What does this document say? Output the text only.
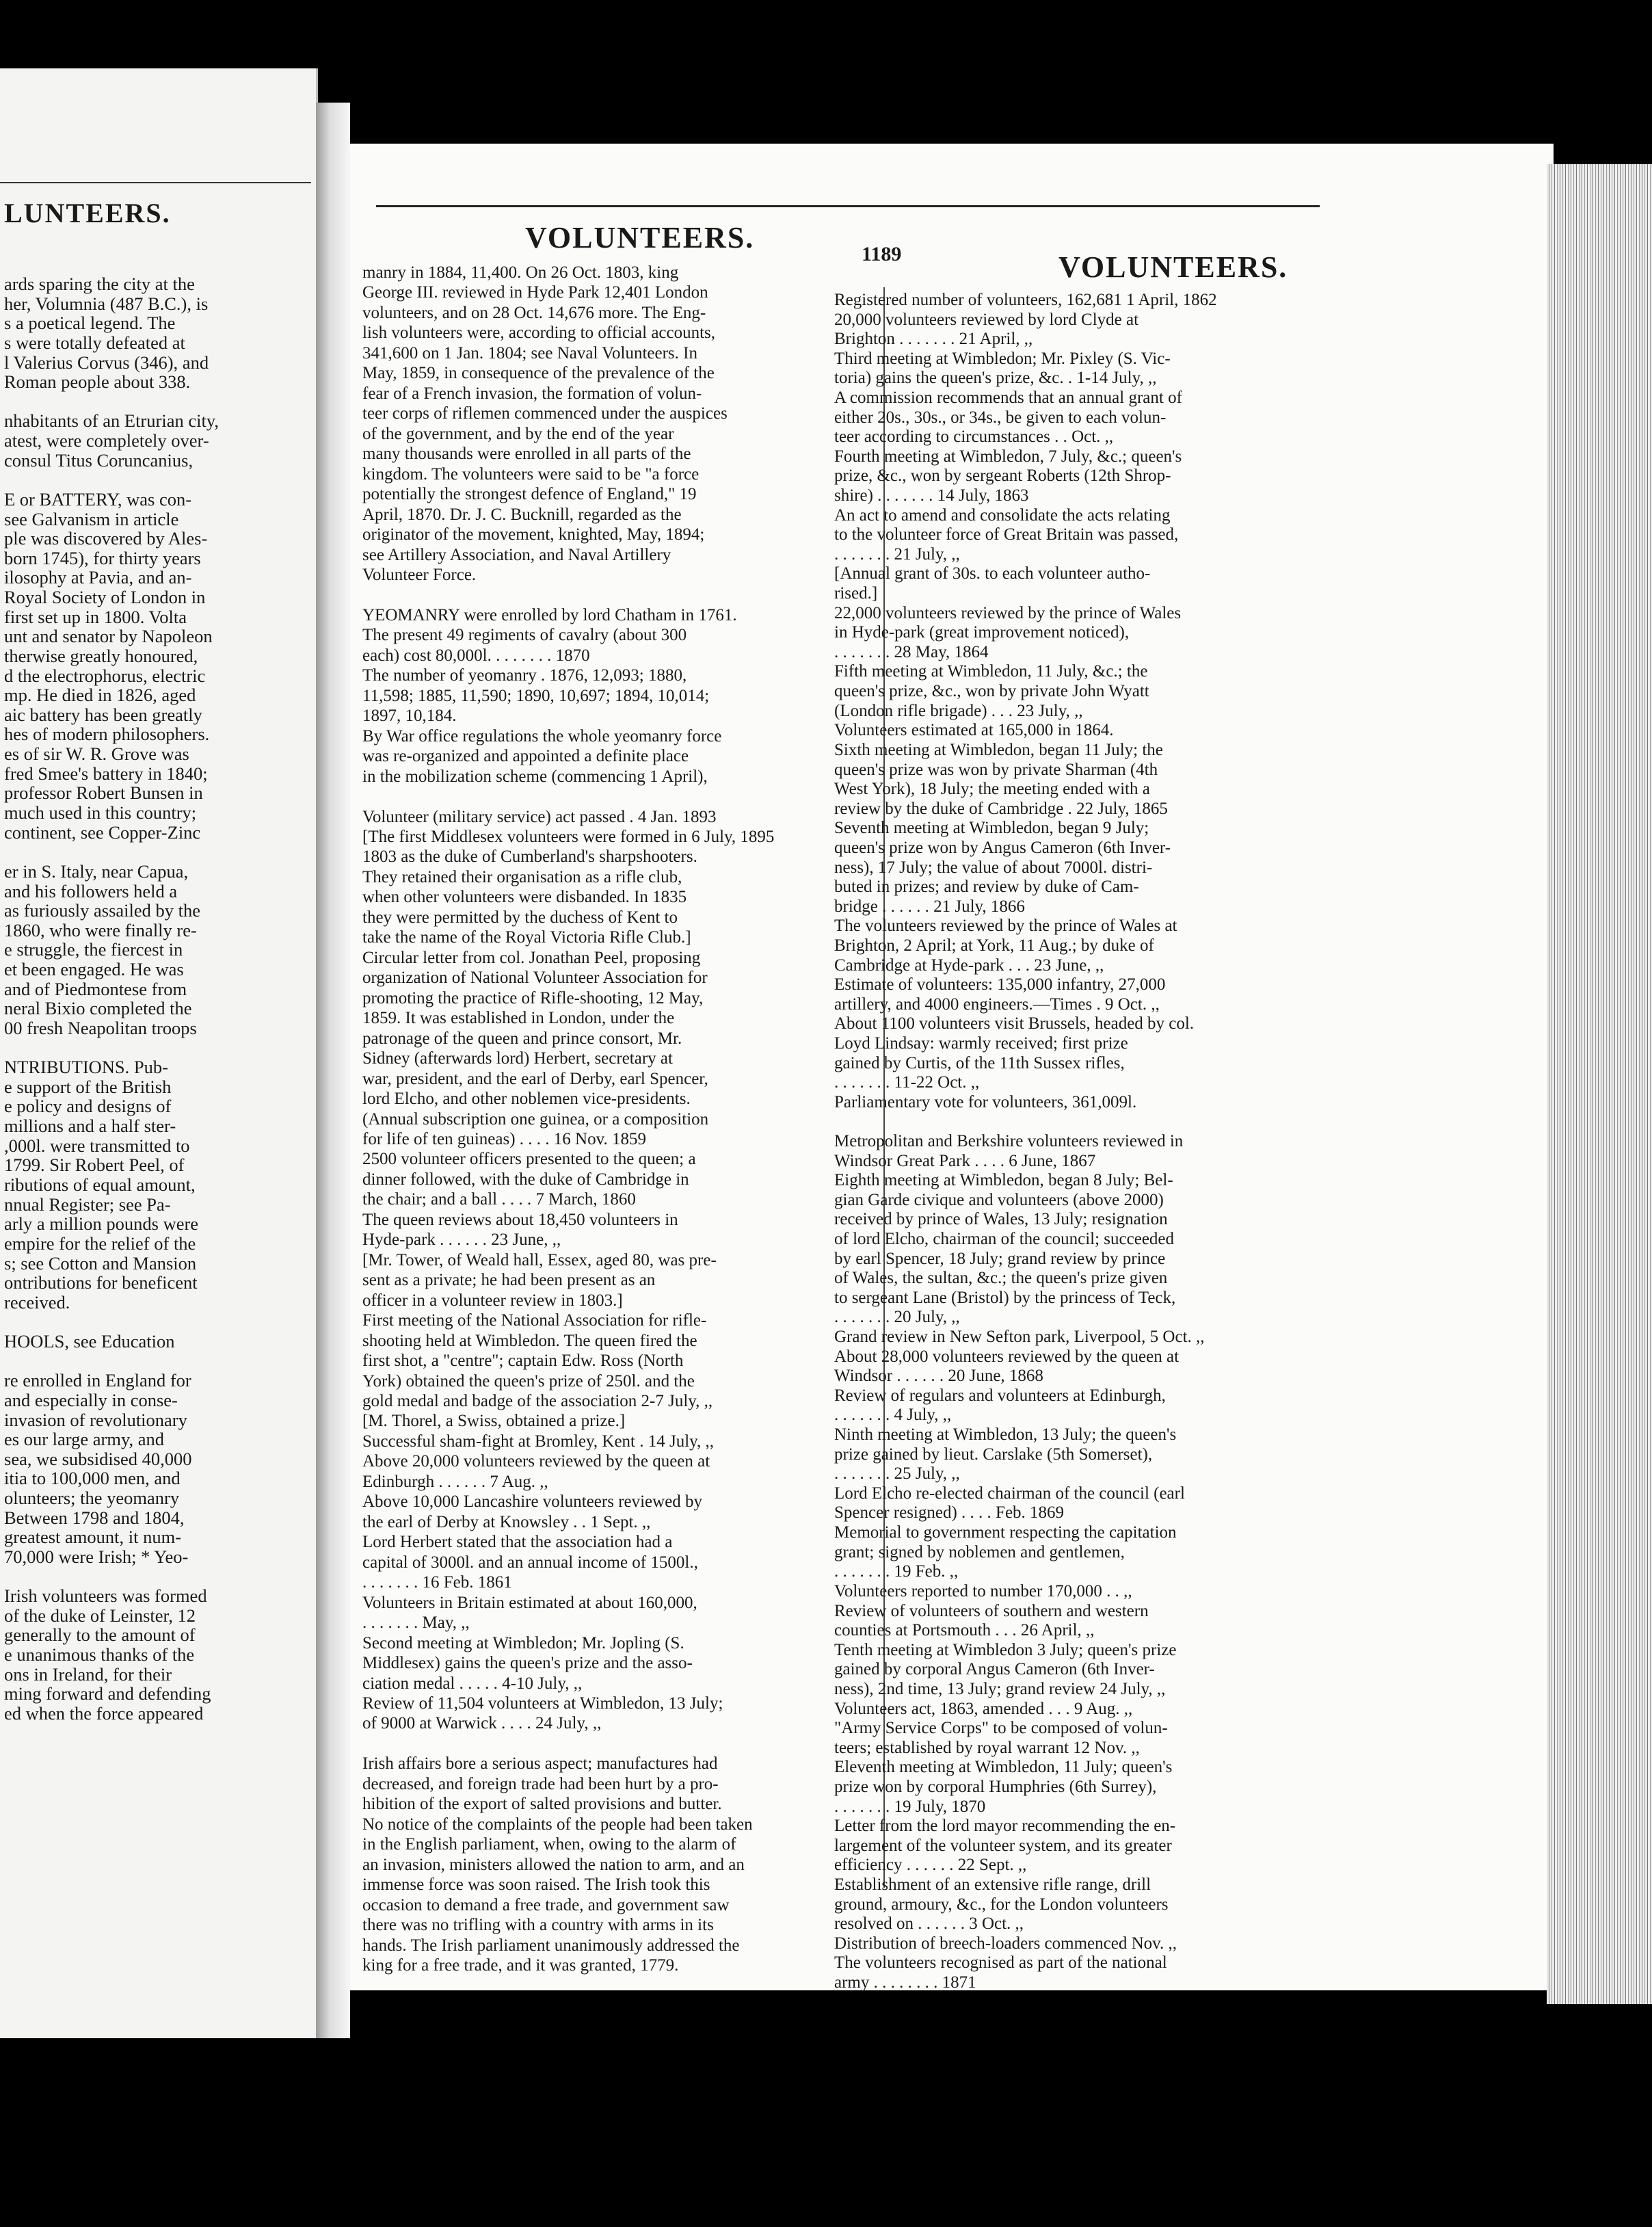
LUNTEERS.
ards sparing the city at the
her, Volumnia (487 B.C.), is
s a poetical legend. The
s were totally defeated at
l Valerius Corvus (346), and
Roman people about 338.
nhabitants of an Etrurian city,
atest, were completely over-
consul Titus Coruncanius,
E or BATTERY, was con-
see Galvanism in article
ple was discovered by Ales-
born 1745), for thirty years
ilosophy at Pavia, and an-
Royal Society of London in
first set up in 1800. Volta
unt and senator by Napoleon
therwise greatly honoured,
d the electrophorus, electric
mp. He died in 1826, aged
aic battery has been greatly
hes of modern philosophers.
es of sir W. R. Grove was
fred Smee's battery in 1840;
professor Robert Bunsen in
much used in this country;
continent, see Copper-Zinc
er in S. Italy, near Capua,
and his followers held a
as furiously assailed by the
1860, who were finally re-
e struggle, the fiercest in
et been engaged. He was
and of Piedmontese from
neral Bixio completed the
00 fresh Neapolitan troops
NTRIBUTIONS. Pub-
e support of the British
e policy and designs of
millions and a half ster-
,000l. were transmitted to
1799. Sir Robert Peel, of
ributions of equal amount,
nnual Register; see Pa-
arly a million pounds were
empire for the relief of the
s; see Cotton and Mansion
ontributions for beneficent
received.
HOOLS, see Education
re enrolled in England for
and especially in conse-
invasion of revolutionary
es our large army, and
sea, we subsidised 40,000
itia to 100,000 men, and
olunteers; the yeomanry
Between 1798 and 1804,
greatest amount, it num-
70,000 were Irish; * Yeo-
Irish volunteers was formed
of the duke of Leinster, 12
generally to the amount of
e unanimous thanks of the
ons in Ireland, for their
ming forward and defending
ed when the force appeared
VOLUNTEERS.	1189	VOLUNTEERS.
manry in 1884, 11,400. On 26 Oct. 1803, king
George III. reviewed in Hyde Park 12,401 London
volunteers, and on 28 Oct. 14,676 more. The Eng-
lish volunteers were, according to official accounts,
341,600 on 1 Jan. 1804; see Naval Volunteers. In
May, 1859, in consequence of the prevalence of the
fear of a French invasion, the formation of volun-
teer corps of riflemen commenced under the auspices
of the government, and by the end of the year
many thousands were enrolled in all parts of the
kingdom. The volunteers were said to be "a force
potentially the strongest defence of England," 19
April, 1870. Dr. J. C. Bucknill, regarded as the
originator of the movement, knighted, May, 1894;
see Artillery Association, and Naval Artillery
Volunteer Force.
YEOMANRY were enrolled by lord Chatham in 1761.
The present 49 regiments of cavalry (about 300
each) cost 80,000l. . . . . . . . 1870
The number of yeomanry . 1876, 12,093; 1880,
11,598; 1885, 11,590; 1890, 10,697; 1894, 10,014;
1897, 10,184.
By War office regulations the whole yeomanry force
was re-organized and appointed a definite place
in the mobilization scheme (commencing 1 April),
Volunteer (military service) act passed . 4 Jan. 1893
[The first Middlesex volunteers were formed in 6 July, 1895
1803 as the duke of Cumberland's sharpshooters.
They retained their organisation as a rifle club,
when other volunteers were disbanded. In 1835
they were permitted by the duchess of Kent to
take the name of the Royal Victoria Rifle Club.]
Circular letter from col. Jonathan Peel, proposing
organization of National Volunteer Association for
promoting the practice of Rifle-shooting, 12 May,
1859. It was established in London, under the
patronage of the queen and prince consort, Mr.
Sidney (afterwards lord) Herbert, secretary at
war, president, and the earl of Derby, earl Spencer,
lord Elcho, and other noblemen vice-presidents.
(Annual subscription one guinea, or a composition
for life of ten guineas) . . . . 16 Nov. 1859
2500 volunteer officers presented to the queen; a
dinner followed, with the duke of Cambridge in
the chair; and a ball . . . . 7 March, 1860
The queen reviews about 18,450 volunteers in
Hyde-park . . . . . . 23 June, ,,
[Mr. Tower, of Weald hall, Essex, aged 80, was pre-
sent as a private; he had been present as an
officer in a volunteer review in 1803.]
First meeting of the National Association for rifle-
shooting held at Wimbledon. The queen fired the
first shot, a "centre"; captain Edw. Ross (North
York) obtained the queen's prize of 250l. and the
gold medal and badge of the association 2-7 July, ,,
[M. Thorel, a Swiss, obtained a prize.]
Successful sham-fight at Bromley, Kent . 14 July, ,,
Above 20,000 volunteers reviewed by the queen at
Edinburgh . . . . . . 7 Aug. ,,
Above 10,000 Lancashire volunteers reviewed by
the earl of Derby at Knowsley . . 1 Sept. ,,
Lord Herbert stated that the association had a
capital of 3000l. and an annual income of 1500l.,
. . . . . . . 16 Feb. 1861
Volunteers in Britain estimated at about 160,000,
. . . . . . . May, ,,
Second meeting at Wimbledon; Mr. Jopling (S.
Middlesex) gains the queen's prize and the asso-
ciation medal . . . . . 4-10 July, ,,
Review of 11,504 volunteers at Wimbledon, 13 July;
of 9000 at Warwick . . . . 24 July, ,,
Irish affairs bore a serious aspect; manufactures had
decreased, and foreign trade had been hurt by a pro-
hibition of the export of salted provisions and butter.
No notice of the complaints of the people had been taken
in the English parliament, when, owing to the alarm of
an invasion, ministers allowed the nation to arm, and an
immense force was soon raised. The Irish took this
occasion to demand a free trade, and government saw
there was no trifling with a country with arms in its
hands. The Irish parliament unanimously addressed the
king for a free trade, and it was granted, 1779.
Registered number of volunteers, 162,681 1 April, 1862
20,000 volunteers reviewed by lord Clyde at
Brighton . . . . . . . 21 April, ,,
Third meeting at Wimbledon; Mr. Pixley (S. Vic-
toria) gains the queen's prize, &c. . 1-14 July, ,,
A commission recommends that an annual grant of
either 20s., 30s., or 34s., be given to each volun-
teer according to circumstances . . Oct. ,,
Fourth meeting at Wimbledon, 7 July, &c.; queen's
prize, &c., won by sergeant Roberts (12th Shrop-
shire) . . . . . . . 14 July, 1863
An act to amend and consolidate the acts relating
to the volunteer force of Great Britain was passed,
. . . . . . . 21 July, ,,
[Annual grant of 30s. to each volunteer autho-
rised.]
22,000 volunteers reviewed by the prince of Wales
in Hyde-park (great improvement noticed),
. . . . . . . 28 May, 1864
Fifth meeting at Wimbledon, 11 July, &c.; the
queen's prize, &c., won by private John Wyatt
(London rifle brigade) . . . 23 July, ,,
Volunteers estimated at 165,000 in 1864.
Sixth meeting at Wimbledon, began 11 July; the
queen's prize was won by private Sharman (4th
West York), 18 July; the meeting ended with a
review by the duke of Cambridge . 22 July, 1865
Seventh meeting at Wimbledon, began 9 July;
queen's prize won by Angus Cameron (6th Inver-
ness), 17 July; the value of about 7000l. distri-
buted in prizes; and review by duke of Cam-
bridge . . . . . . 21 July, 1866
The volunteers reviewed by the prince of Wales at
Brighton, 2 April; at York, 11 Aug.; by duke of
Cambridge at Hyde-park . . . 23 June, ,,
Estimate of volunteers: 135,000 infantry, 27,000
artillery, and 4000 engineers.—Times . 9 Oct. ,,
About 1100 volunteers visit Brussels, headed by col.
Loyd Lindsay: warmly received; first prize
gained by Curtis, of the 11th Sussex rifles,
. . . . . . . 11-22 Oct. ,,
Parliamentary vote for volunteers, 361,009l.
Metropolitan and Berkshire volunteers reviewed in
Windsor Great Park . . . . 6 June, 1867
Eighth meeting at Wimbledon, began 8 July; Bel-
gian Garde civique and volunteers (above 2000)
received by prince of Wales, 13 July; resignation
of lord Elcho, chairman of the council; succeeded
by earl Spencer, 18 July; grand review by prince
of Wales, the sultan, &c.; the queen's prize given
to sergeant Lane (Bristol) by the princess of Teck,
. . . . . . . 20 July, ,,
Grand review in New Sefton park, Liverpool, 5 Oct. ,,
About 28,000 volunteers reviewed by the queen at
Windsor . . . . . . 20 June, 1868
Review of regulars and volunteers at Edinburgh,
. . . . . . . 4 July, ,,
Ninth meeting at Wimbledon, 13 July; the queen's
prize gained by lieut. Carslake (5th Somerset),
. . . . . . . 25 July, ,,
Lord Elcho re-elected chairman of the council (earl
Spencer resigned) . . . . Feb. 1869
Memorial to government respecting the capitation
grant; signed by noblemen and gentlemen,
. . . . . . . 19 Feb. ,,
Volunteers reported to number 170,000 . . ,,
Review of volunteers of southern and western
counties at Portsmouth . . . 26 April, ,,
Tenth meeting at Wimbledon 3 July; queen's prize
gained by corporal Angus Cameron (6th Inver-
ness), 2nd time, 13 July; grand review 24 July, ,,
Volunteers act, 1863, amended . . . 9 Aug. ,,
"Army Service Corps" to be composed of volun-
teers; established by royal warrant 12 Nov. ,,
Eleventh meeting at Wimbledon, 11 July; queen's
prize won by corporal Humphries (6th Surrey),
. . . . . . . 19 July, 1870
Letter from the lord mayor recommending the en-
largement of the volunteer system, and its greater
efficiency . . . . . . 22 Sept. ,,
Establishment of an extensive rifle range, drill
ground, armoury, &c., for the London volunteers
resolved on . . . . . . 3 Oct. ,,
Distribution of breech-loaders commenced Nov. ,,
The volunteers recognised as part of the national
army . . . . . . . . 1871
